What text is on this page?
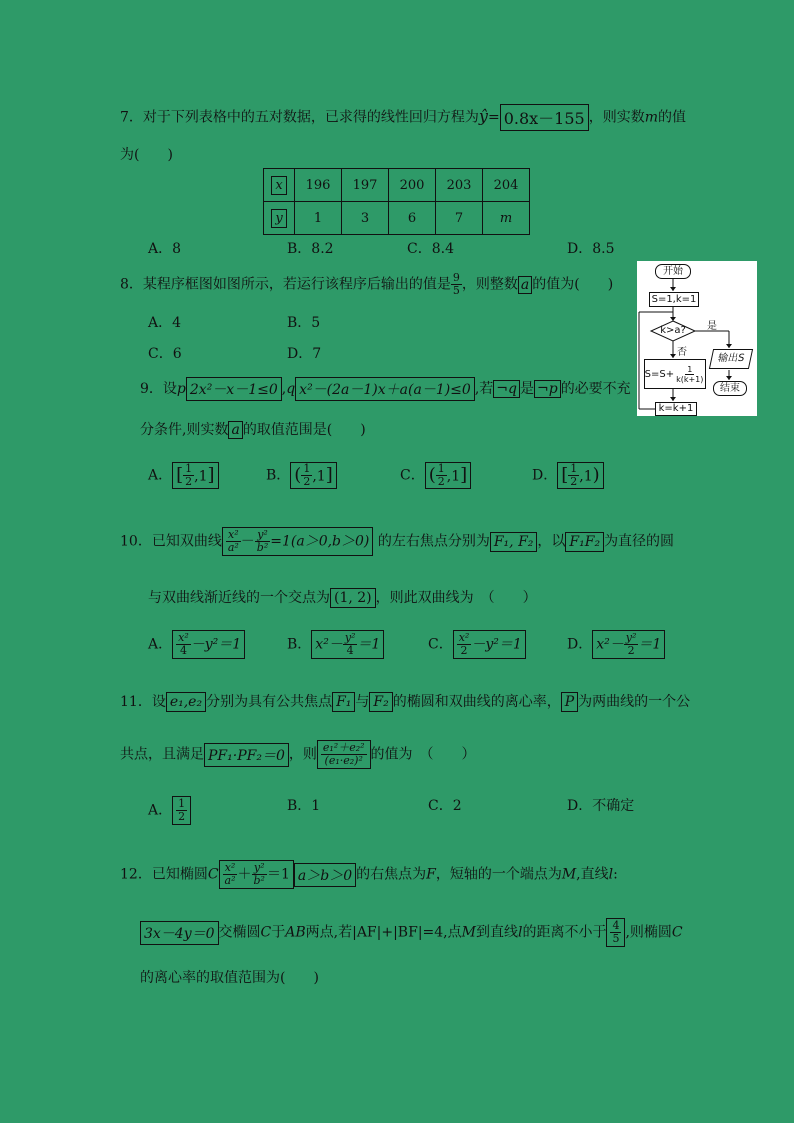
7．对于下列表格中的五对数据，已求得的线性回归方程为ŷ= 0.8x－155 ，则实数m的值
为(　　)
x	196	197	200	203	204
y	1	3	6	7	m
A．8	B．8.2	C．8.4	D．8.5
8．某程序框图如图所示，若运行该程序后输出的值是 $\frac{9}{5}$ ，则整数 a 的值为(　　)
A．4	B．5
C．6	D．7
开始
S=1,k=1
k>a?	是
否
$S=S+ \frac{1}{k(k+1)}$
输出S
结束
k=k+1
9．设p 2x²－x－1≤0 ,q x²－(2a－1)x＋a(a－1)≤0 ,若 ¬q 是 ¬p 的必要不充
分条件,则实数 a 的取值范围是(　　)
A． [ $\frac{1}{2} ,1$]	B． ( $\frac{1}{2} ,1$]	C． ( $\frac{1}{2} ,1$]	D． [ $\frac{1}{2} ,1$)
10．已知双曲线 $\frac{\text{x²}}{\text{a²}} - \frac{\text{y²}}{\text{b²}} =1(a>0,b>0)$ 的左右焦点分别为 F₁, F₂ ，以 F₁F₂ 为直径的圆
与双曲线渐近线的一个交点为 (1, 2) ，则此双曲线为　（　　）
A． $\frac{\text{x²}}{4} -y^2=1$	B． $x^2- \frac{\text{y²}}{4} =1$	C． $\frac{\text{x²}}{2} -y^2=1$	D． $x^2- \frac{\text{y²}}{2} =1$
11．设 e₁,e₂ 分别为具有公共焦点 F₁ 与 F₂ 的椭圆和双曲线的离心率， P 为两曲线的一个公
共点，且满足 PF₁·PF₂＝0 ，则 $\frac{\text{e₁²＋e₂²}}{\text{(e₁·e₂)²}}$ 的值为　（　　）
A． $\frac{1}{2}$	B．1	C．2	D．不确定
12．已知椭圆C $\frac{\text{x²}}{\text{a²}} + \frac{\text{y²}}{\text{b²}} =1$ a＞b＞0 的右焦点为F，短轴的一个端点为M,直线l:
3x－4y＝0 交椭圆C于AB两点,若|AF|+|BF|=4,点M到直线l的距离不小于 $\frac{4}{5}$ ,则椭圆C
的离心率的取值范围为(　　)
